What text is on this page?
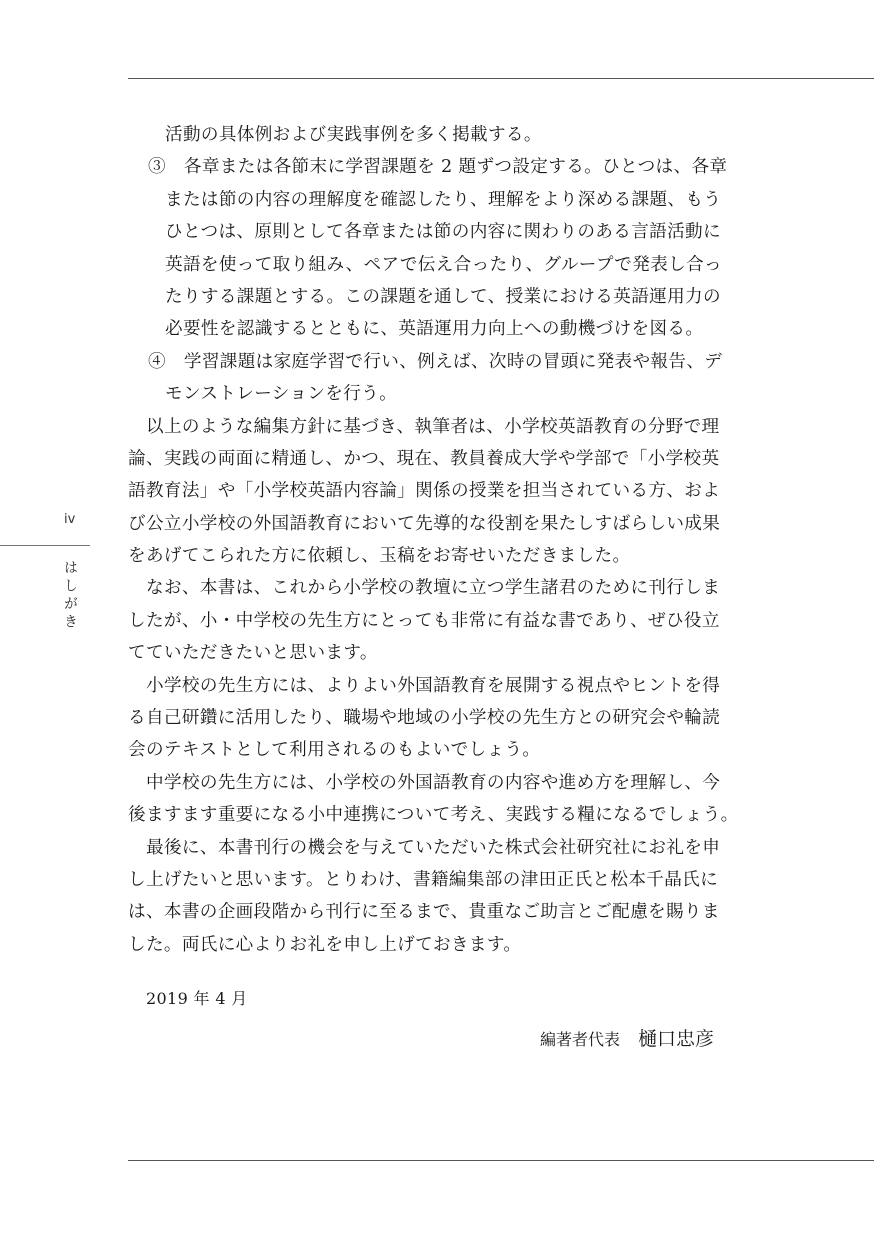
iv
はしがき
活動の具体例および実践事例を多く掲載する。
③　各章または各節末に学習課題を 2 題ずつ設定する。ひとつは、各章
または節の内容の理解度を確認したり、理解をより深める課題、もう
ひとつは、原則として各章または節の内容に関わりのある言語活動に
英語を使って取り組み、ペアで伝え合ったり、グループで発表し合っ
たりする課題とする。この課題を通して、授業における英語運用力の
必要性を認識するとともに、英語運用力向上への動機づけを図る。
④　学習課題は家庭学習で行い、例えば、次時の冒頭に発表や報告、デ
モンストレーションを行う。
以上のような編集方針に基づき、執筆者は、小学校英語教育の分野で理
論、実践の両面に精通し、かつ、現在、教員養成大学や学部で「小学校英
語教育法」や「小学校英語内容論」関係の授業を担当されている方、およ
び公立小学校の外国語教育において先導的な役割を果たしすばらしい成果
をあげてこられた方に依頼し、玉稿をお寄せいただきました。
なお、本書は、これから小学校の教壇に立つ学生諸君のために刊行しま
したが、小・中学校の先生方にとっても非常に有益な書であり、ぜひ役立
てていただきたいと思います。
小学校の先生方には、よりよい外国語教育を展開する視点やヒントを得
る自己研鑽に活用したり、職場や地域の小学校の先生方との研究会や輪読
会のテキストとして利用されるのもよいでしょう。
中学校の先生方には、小学校の外国語教育の内容や進め方を理解し、今
後ますます重要になる小中連携について考え、実践する糧になるでしょう。
最後に、本書刊行の機会を与えていただいた株式会社研究社にお礼を申
し上げたいと思います。とりわけ、書籍編集部の津田正氏と松本千晶氏に
は、本書の企画段階から刊行に至るまで、貴重なご助言とご配慮を賜りま
した。両氏に心よりお礼を申し上げておきます。
2019 年 4 月
編著者代表 樋口忠彦
